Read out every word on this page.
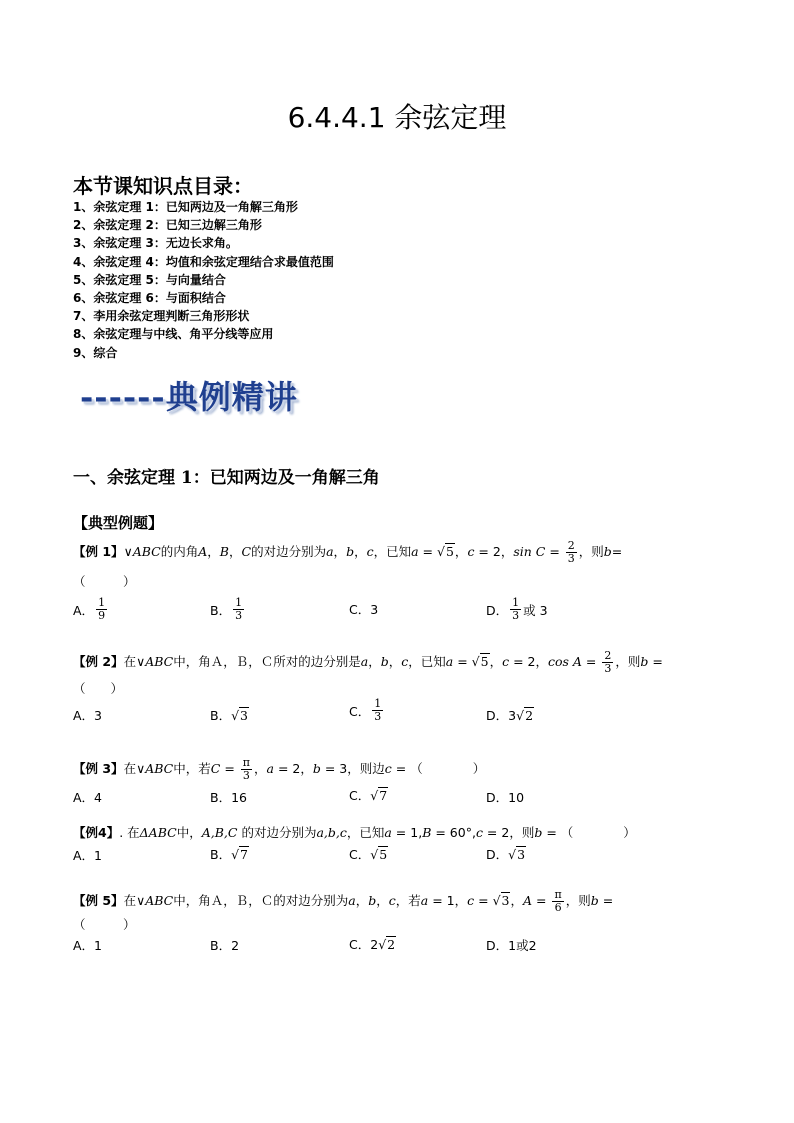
6.4.4.1 余弦定理
本节课知识点目录：
1、余弦定理 1：已知两边及一角解三角形
2、余弦定理 2：已知三边解三角形
3、余弦定理 3：无边长求角。
4、余弦定理 4：均值和余弦定理结合求最值范围
5、余弦定理 5：与向量结合
6、余弦定理 6：与面积结合
7、李用余弦定理判断三角形形状
8、余弦定理与中线、角平分线等应用
9、综合
------典例精讲
一、余弦定理 1：已知两边及一角解三角
【典型例题】
【例 1】∨ABC的内角A，B，C的对边分别为a，b，c，已知a = √5，c = 2，$\sin C = \frac{2}{3}$ ，则b=
（　　　）
A． $\frac{1}{9}$	B． $\frac{1}{3}$	C．3	D． $\frac{1}{3}$ 或 3
【例 2】在∨ABC中，角Ａ，Ｂ，Ｃ所对的边分别是a，b，c，已知a = √5，c = 2，$\cos A = \frac{2}{3}$ ，则b =
（　　）
A．3	B． √3	C． $\frac{1}{3}$	D．3 √2
【例 3】在∨ABC中，若$C = \frac{\pi}{3}$ ，a = 2，b = 3，则边c = （　　　　）
A．4	B．16	C． √7	D．10
【例4】. 在ΔABC中，A,B,C 的对边分别为a,b,c，已知a = 1,B = 60°,c = 2，则b = （　　　　）
A．1	B． √7	C． √5	D． √3
【例 5】在∨ABC中，角Ａ，Ｂ，Ｃ的对边分别为a，b，c，若a = 1，c = √3，$A = \frac{\pi}{6}$ ，则b =
（　　　）
A．1	B．2	C． 2 √2	D．1或2
